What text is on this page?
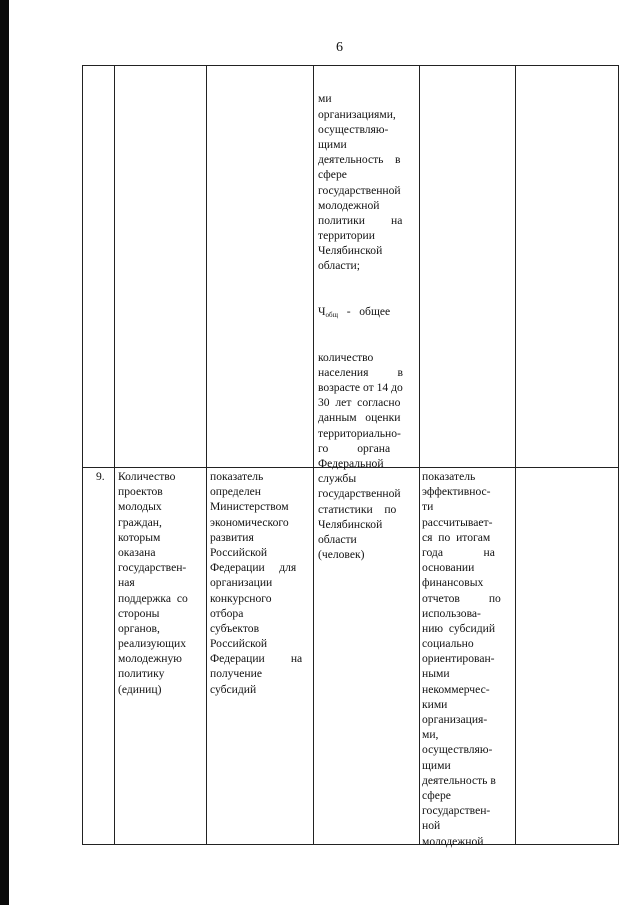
6

ми
организациями,
осуществляю-
щими
деятельность    в
сфере
государственной
молодежной
политики         на
территории
Челябинской
области;

$Ч_{общ}$   -   общее

количество
населения          в
возрасте от 14 до
30  лет  согласно
данным   оценки
территориально-
го          органа
Федеральной
службы
государственной
статистики    по
Челябинской
области
(человек)

9. Количество
проектов
молодых
граждан,
которым
оказана
государствен-
ная
поддержка  со
стороны
органов,
реализующих
молодежную
политику
(единиц)
показатель
определен
Министерством
экономического
развития
Российской
Федерации     для
организации
конкурсного
отбора
субъектов
Российской
Федерации         на
получение
субсидий
показатель
эффективнос-
ти
рассчитывает-
ся  по  итогам
года              на
основании
финансовых
отчетов          по
использова-
нию  субсидий
социально
ориентирован-
ными
некоммерчес-
кими
организация-
ми,
осуществляю-
щими
деятельность в
сфере
государствен-
ной
молодежной
